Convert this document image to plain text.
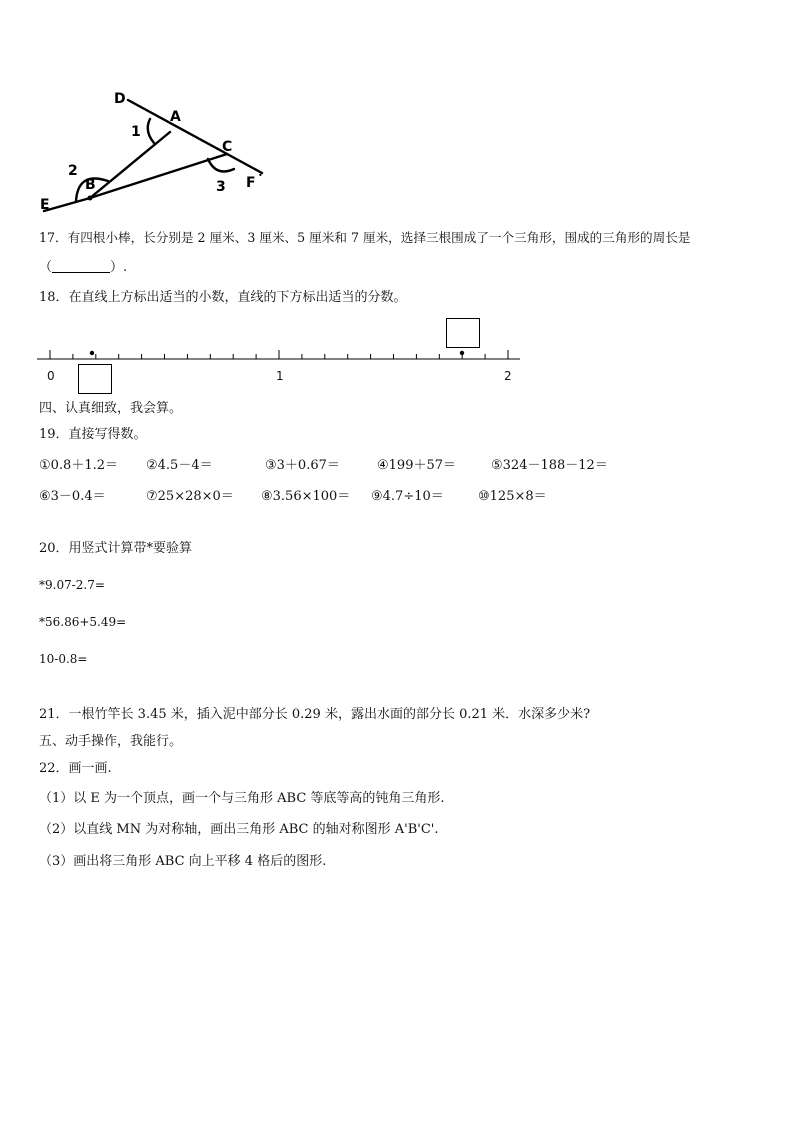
D
A
C
F
B
E
1
2
3
•
17．有四根小棒，长分别是 2 厘米、3 厘米、5 厘米和 7 厘米，选择三根围成了一个三角形，围成的三角形的周长是
（	）.
18．在直线上方标出适当的小数，直线的下方标出适当的分数。
0	1	2
四、认真细致，我会算。
19．直接写得数。
①0.8＋1.2＝ ②4.5－4＝	③3＋0.67＝	④199＋57＝	⑤324－188－12＝
⑥3－0.4＝	⑦25×28×0＝ ⑧3.56×100＝ ⑨4.7÷10＝	⑩125×8＝
20．用竖式计算带*要验算
*9.07-2.7=
*56.86+5.49=
10-0.8=
21．一根竹竿长 3.45 米，插入泥中部分长 0.29 米，露出水面的部分长 0.21 米．水深多少米?
五、动手操作，我能行。
22．画一画.
（1）以 E 为一个顶点，画一个与三角形 ABC 等底等高的钝角三角形.
（2）以直线 MN 为对称轴，画出三角形 ABC 的轴对称图形 A'B'C'.
（3）画出将三角形 ABC 向上平移 4 格后的图形.
